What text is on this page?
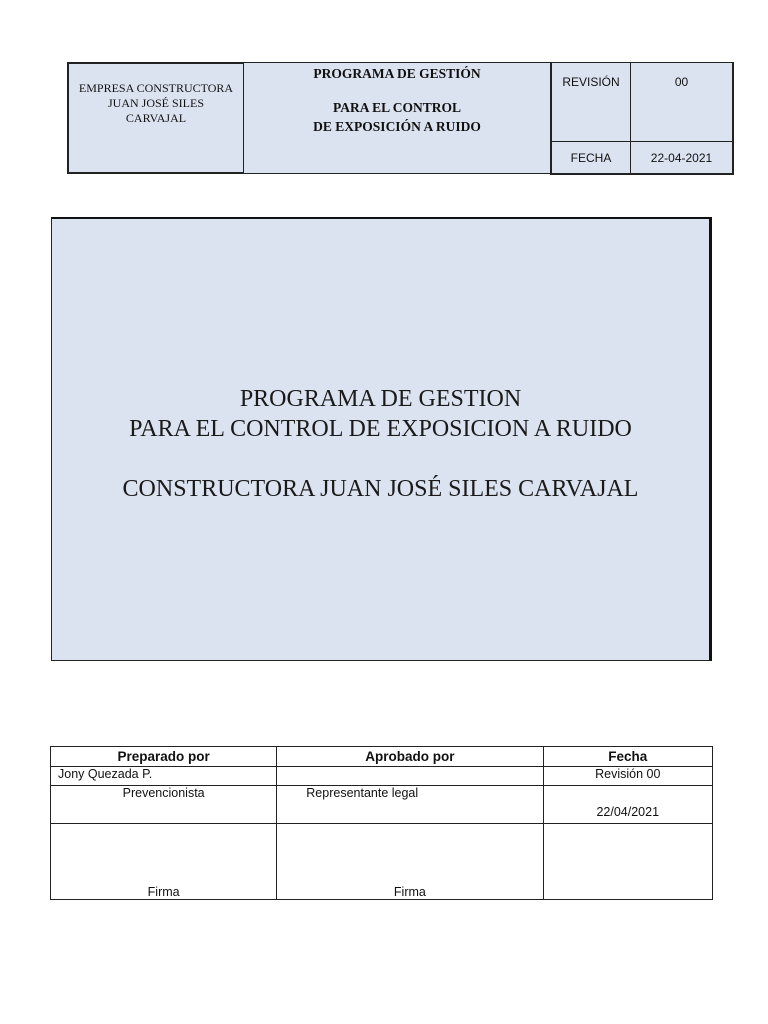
EMPRESA CONSTRUCTORA
JUAN JOSÉ SILES
CARVAJAL
PROGRAMA DE GESTIÓN
PARA EL CONTROL
DE EXPOSICIÓN A RUIDO
REVISIÓN	00
FECHA	22-04-2021
PROGRAMA DE GESTION
PARA EL CONTROL DE EXPOSICION A RUIDO
CONSTRUCTORA JUAN JOSÉ SILES CARVAJAL
Preparado por	Aprobado por	Fecha

Jony Quezada P.		Revisión 00
Prevencionista	Representante legal	22/04/2021

Firma	Firma	
